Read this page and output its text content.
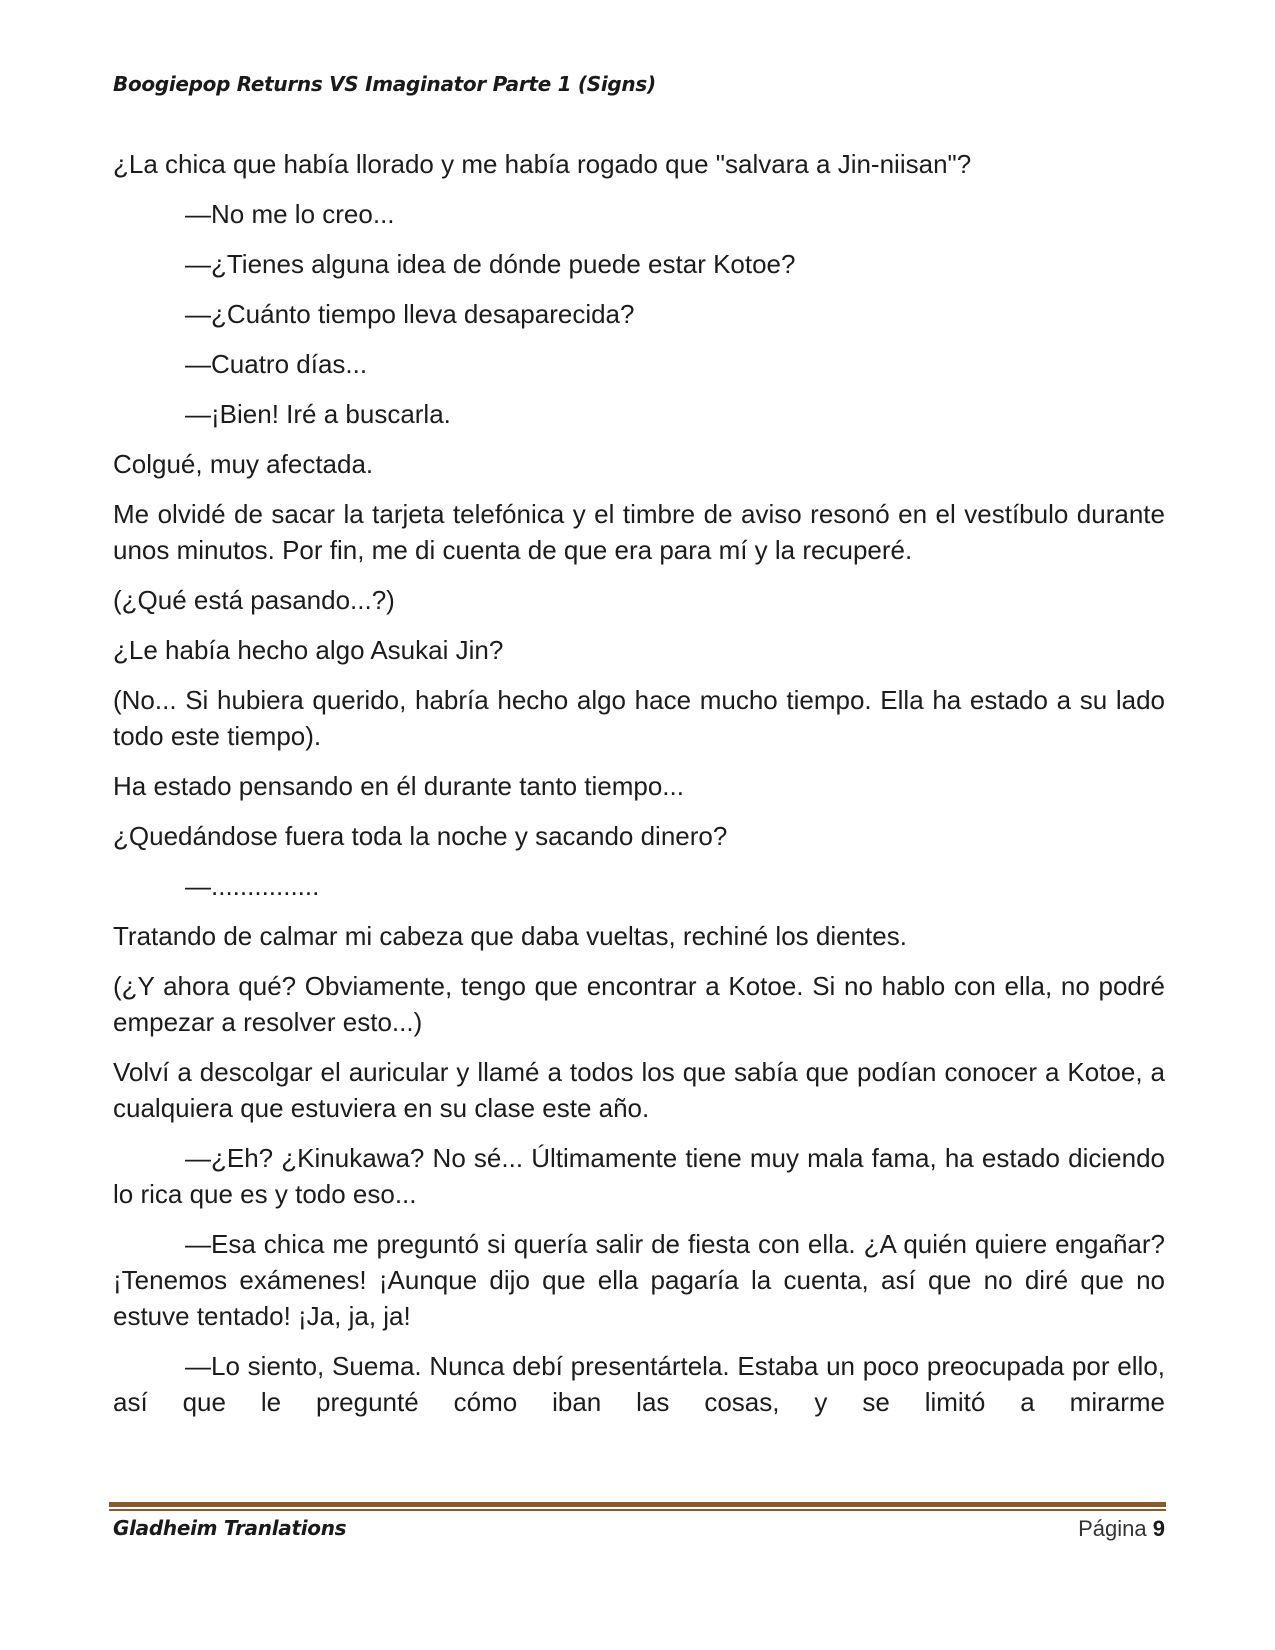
Boogiepop Returns VS Imaginator Parte 1 (Signs)

¿La chica que había llorado y me había rogado que "salvara a Jin-niisan"?

—No me lo creo...

—¿Tienes alguna idea de dónde puede estar Kotoe?

—¿Cuánto tiempo lleva desaparecida?

—Cuatro días...

—¡Bien! Iré a buscarla.

Colgué, muy afectada.

Me olvidé de sacar la tarjeta telefónica y el timbre de aviso resonó en el vestíbulo durante unos minutos. Por fin, me di cuenta de que era para mí y la recuperé.

(¿Qué está pasando...?)

¿Le había hecho algo Asukai Jin?

(No... Si hubiera querido, habría hecho algo hace mucho tiempo. Ella ha estado a su lado todo este tiempo).

Ha estado pensando en él durante tanto tiempo...

¿Quedándose fuera toda la noche y sacando dinero?

—...............

Tratando de calmar mi cabeza que daba vueltas, rechiné los dientes.

(¿Y ahora qué? Obviamente, tengo que encontrar a Kotoe. Si no hablo con ella, no podré empezar a resolver esto...)

Volví a descolgar el auricular y llamé a todos los que sabía que podían conocer a Kotoe, a cualquiera que estuviera en su clase este año.

—¿Eh? ¿Kinukawa? No sé... Últimamente tiene muy mala fama, ha estado diciendo lo rica que es y todo eso...

—Esa chica me preguntó si quería salir de fiesta con ella. ¿A quién quiere engañar? ¡Tenemos exámenes! ¡Aunque dijo que ella pagaría la cuenta, así que no diré que no estuve tentado! ¡Ja, ja, ja!

—Lo siento, Suema. Nunca debí presentártela. Estaba un poco preocupada por ello, así que le pregunté cómo iban las cosas, y se limitó a mirarme

Gladheim Tranlations	Página 9
